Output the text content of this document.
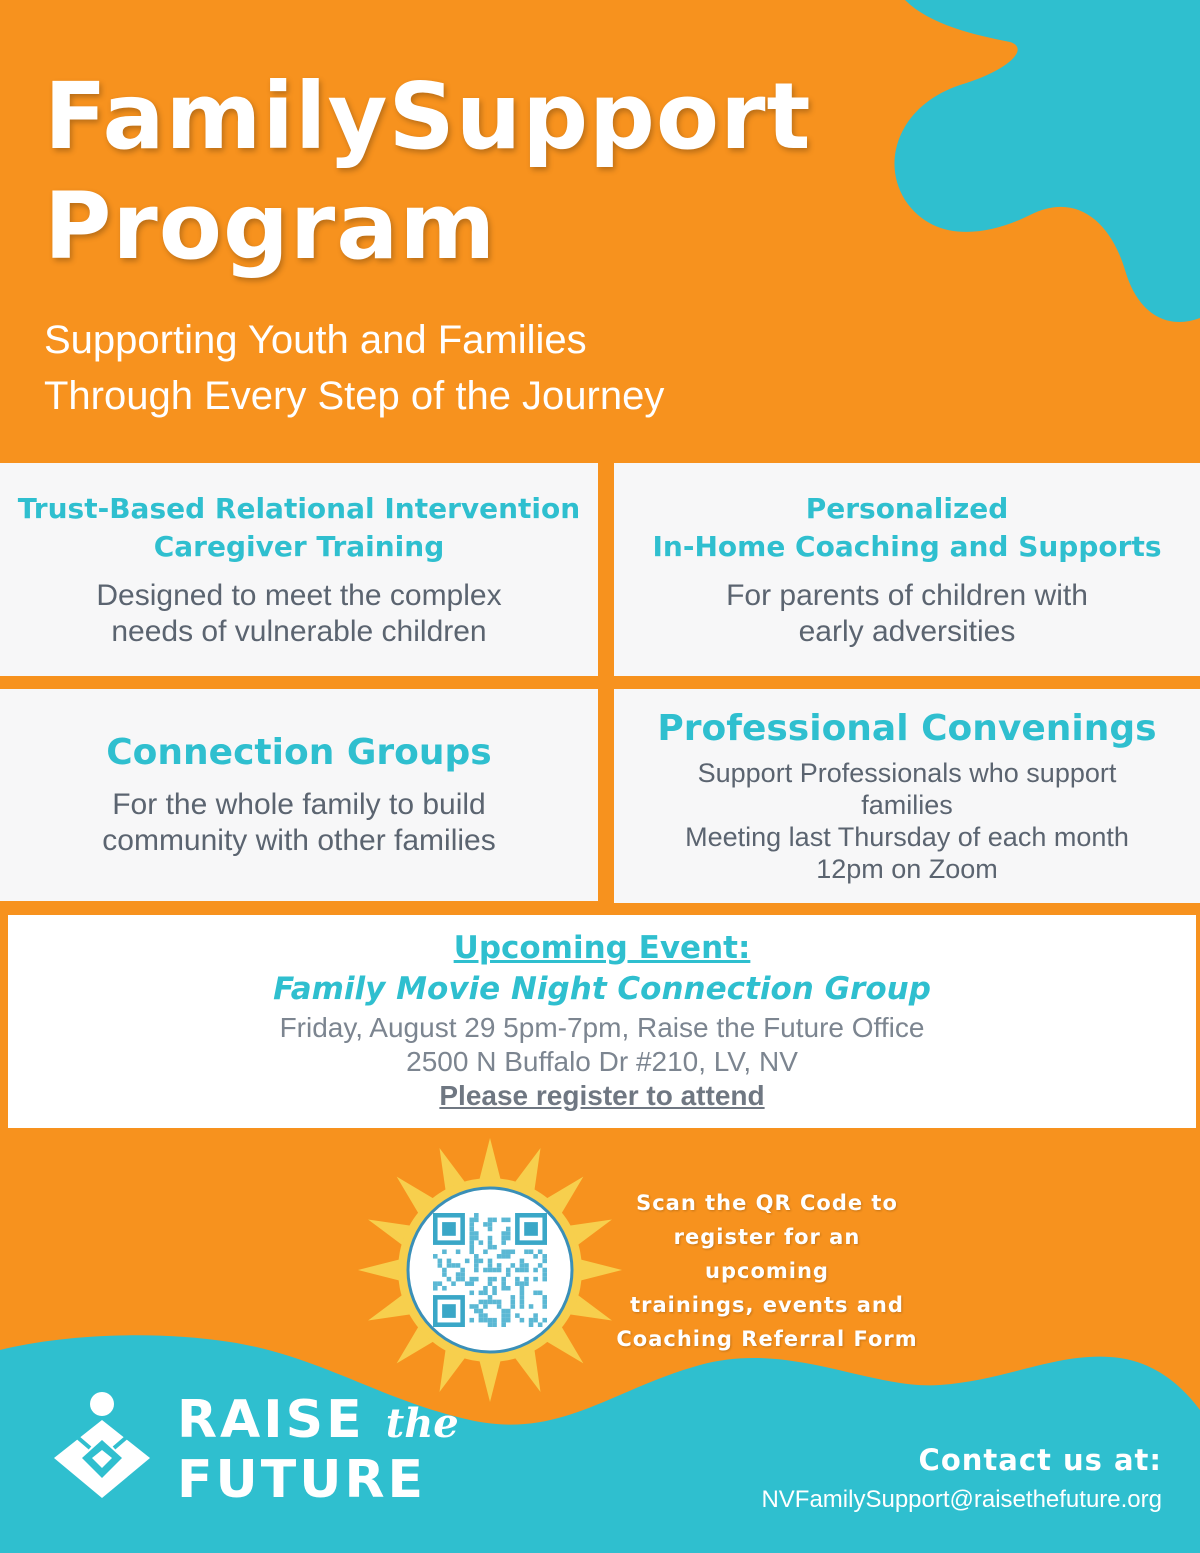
FamilySupport
Program
Supporting Youth and Families
Through Every Step of the Journey
Trust-Based Relational Intervention
Caregiver Training

Designed to meet the complex
needs of vulnerable children

Personalized
In-Home Coaching and Supports

For parents of children with
early adversities

Connection Groups

For the whole family to build
community with other families

Professional Convenings

Support Professionals who support
families
Meeting last Thursday of each month
12pm on Zoom

Upcoming Event:
Family Movie Night Connection Group
Friday, August 29 5pm-7pm, Raise the Future Office
2500 N Buffalo Dr #210, LV, NV
Please register to attend
Scan the QR Code to
register for an upcoming
trainings, events and
Coaching Referral Form
RAISE the
FUTURE	Contact us at:
NVFamilySupport@raisethefuture.org
